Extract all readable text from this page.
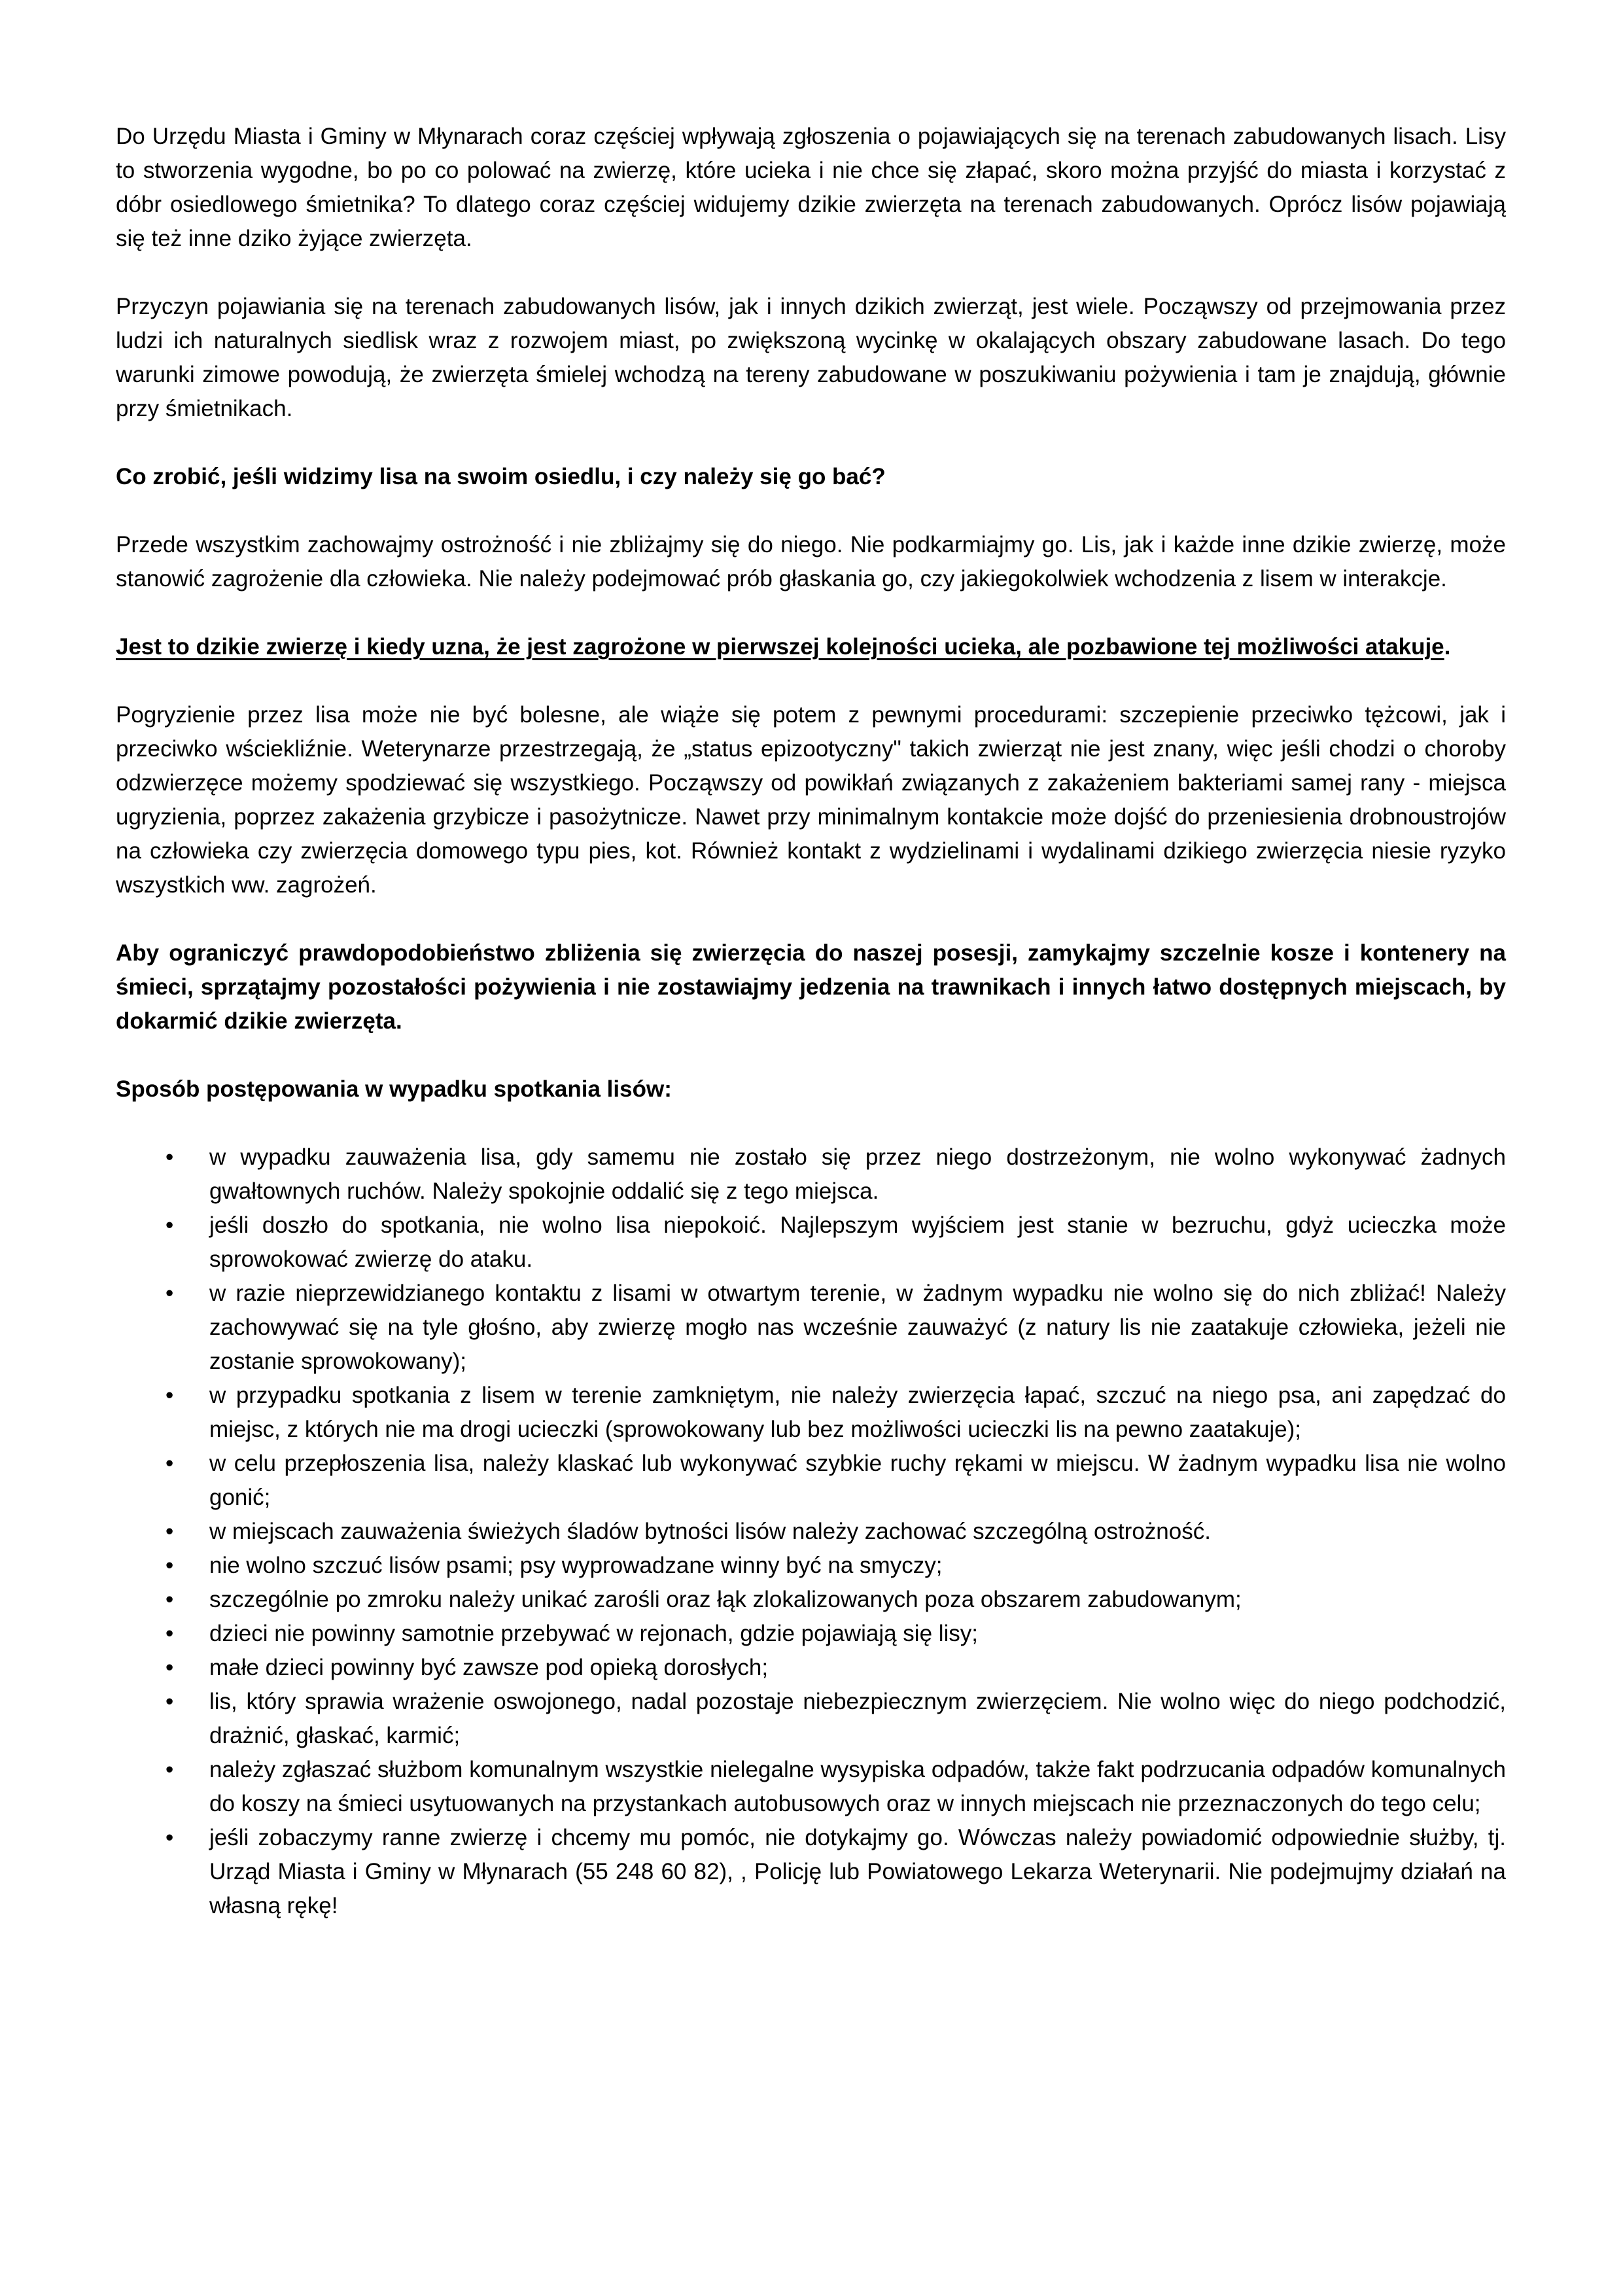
Do Urzędu Miasta i Gminy w Młynarach coraz częściej wpływają zgłoszenia o pojawiających się na terenach zabudowanych lisach. Lisy to stworzenia wygodne, bo po co polować na zwierzę, które ucieka i nie chce się złapać, skoro można przyjść do miasta i korzystać z dóbr osiedlowego śmietnika? To dlatego coraz częściej widujemy dzikie zwierzęta na terenach zabudowanych. Oprócz lisów pojawiają się też inne dziko żyjące zwierzęta.

Przyczyn pojawiania się na terenach zabudowanych lisów, jak i innych dzikich zwierząt, jest wiele. Począwszy od przejmowania przez ludzi ich naturalnych siedlisk wraz z rozwojem miast, po zwiększoną wycinkę w okalających obszary zabudowane lasach. Do tego warunki zimowe powodują, że zwierzęta śmielej wchodzą na tereny zabudowane w poszukiwaniu pożywienia i tam je znajdują, głównie przy śmietnikach.

Co zrobić, jeśli widzimy lisa na swoim osiedlu, i czy należy się go bać?

Przede wszystkim zachowajmy ostrożność i nie zbliżajmy się do niego. Nie podkarmiajmy go. Lis, jak i każde inne dzikie zwierzę, może stanowić zagrożenie dla człowieka. Nie należy podejmować prób głaskania go, czy jakiegokolwiek wchodzenia z lisem w interakcje.

Jest to dzikie zwierzę i kiedy uzna, że jest zagrożone w pierwszej kolejności ucieka, ale pozbawione tej możliwości atakuje.

Pogryzienie przez lisa może nie być bolesne, ale wiąże się potem z pewnymi procedurami: szczepienie przeciwko tężcowi, jak i przeciwko wściekliźnie. Weterynarze przestrzegają, że „status epizootyczny" takich zwierząt nie jest znany, więc jeśli chodzi o choroby odzwierzęce możemy spodziewać się wszystkiego. Począwszy od powikłań związanych z zakażeniem bakteriami samej rany - miejsca ugryzienia, poprzez zakażenia grzybicze i pasożytnicze. Nawet przy minimalnym kontakcie może dojść do przeniesienia drobnoustrojów na człowieka czy zwierzęcia domowego typu pies, kot. Również kontakt z wydzielinami i wydalinami dzikiego zwierzęcia niesie ryzyko wszystkich ww. zagrożeń.

Aby ograniczyć prawdopodobieństwo zbliżenia się zwierzęcia do naszej posesji, zamykajmy szczelnie kosze i kontenery na śmieci, sprzątajmy pozostałości pożywienia i nie zostawiajmy jedzenia na trawnikach i innych łatwo dostępnych miejscach, by dokarmić dzikie zwierzęta.

Sposób postępowania w wypadku spotkania lisów:

• w wypadku zauważenia lisa, gdy samemu nie zostało się przez niego dostrzeżonym, nie wolno wykonywać żadnych gwałtownych ruchów. Należy spokojnie oddalić się z tego miejsca.
• jeśli doszło do spotkania, nie wolno lisa niepokoić. Najlepszym wyjściem jest stanie w bezruchu, gdyż ucieczka może sprowokować zwierzę do ataku.
• w razie nieprzewidzianego kontaktu z lisami w otwartym terenie, w żadnym wypadku nie wolno się do nich zbliżać! Należy zachowywać się na tyle głośno, aby zwierzę mogło nas wcześnie zauważyć (z natury lis nie zaatakuje człowieka, jeżeli nie zostanie sprowokowany);
• w przypadku spotkania z lisem w terenie zamkniętym, nie należy zwierzęcia łapać, szczuć na niego psa, ani zapędzać do miejsc, z których nie ma drogi ucieczki (sprowokowany lub bez możliwości ucieczki lis na pewno zaatakuje);
• w celu przepłoszenia lisa, należy klaskać lub wykonywać szybkie ruchy rękami w miejscu. W żadnym wypadku lisa nie wolno gonić;
• w miejscach zauważenia świeżych śladów bytności lisów należy zachować szczególną ostrożność.
• nie wolno szczuć lisów psami; psy wyprowadzane winny być na smyczy;
• szczególnie po zmroku należy unikać zarośli oraz łąk zlokalizowanych poza obszarem zabudowanym;
• dzieci nie powinny samotnie przebywać w rejonach, gdzie pojawiają się lisy;
• małe dzieci powinny być zawsze pod opieką dorosłych;
• lis, który sprawia wrażenie oswojonego, nadal pozostaje niebezpiecznym zwierzęciem. Nie wolno więc do niego podchodzić, drażnić, głaskać, karmić;
• należy zgłaszać służbom komunalnym wszystkie nielegalne wysypiska odpadów, także fakt podrzucania odpadów komunalnych do koszy na śmieci usytuowanych na przystankach autobusowych oraz w innych miejscach nie przeznaczonych do tego celu;
• jeśli zobaczymy ranne zwierzę i chcemy mu pomóc, nie dotykajmy go. Wówczas należy powiadomić odpowiednie służby, tj. Urząd Miasta i Gminy w Młynarach (55 248 60 82), , Policję lub Powiatowego Lekarza Weterynarii. Nie podejmujmy działań na własną rękę!
